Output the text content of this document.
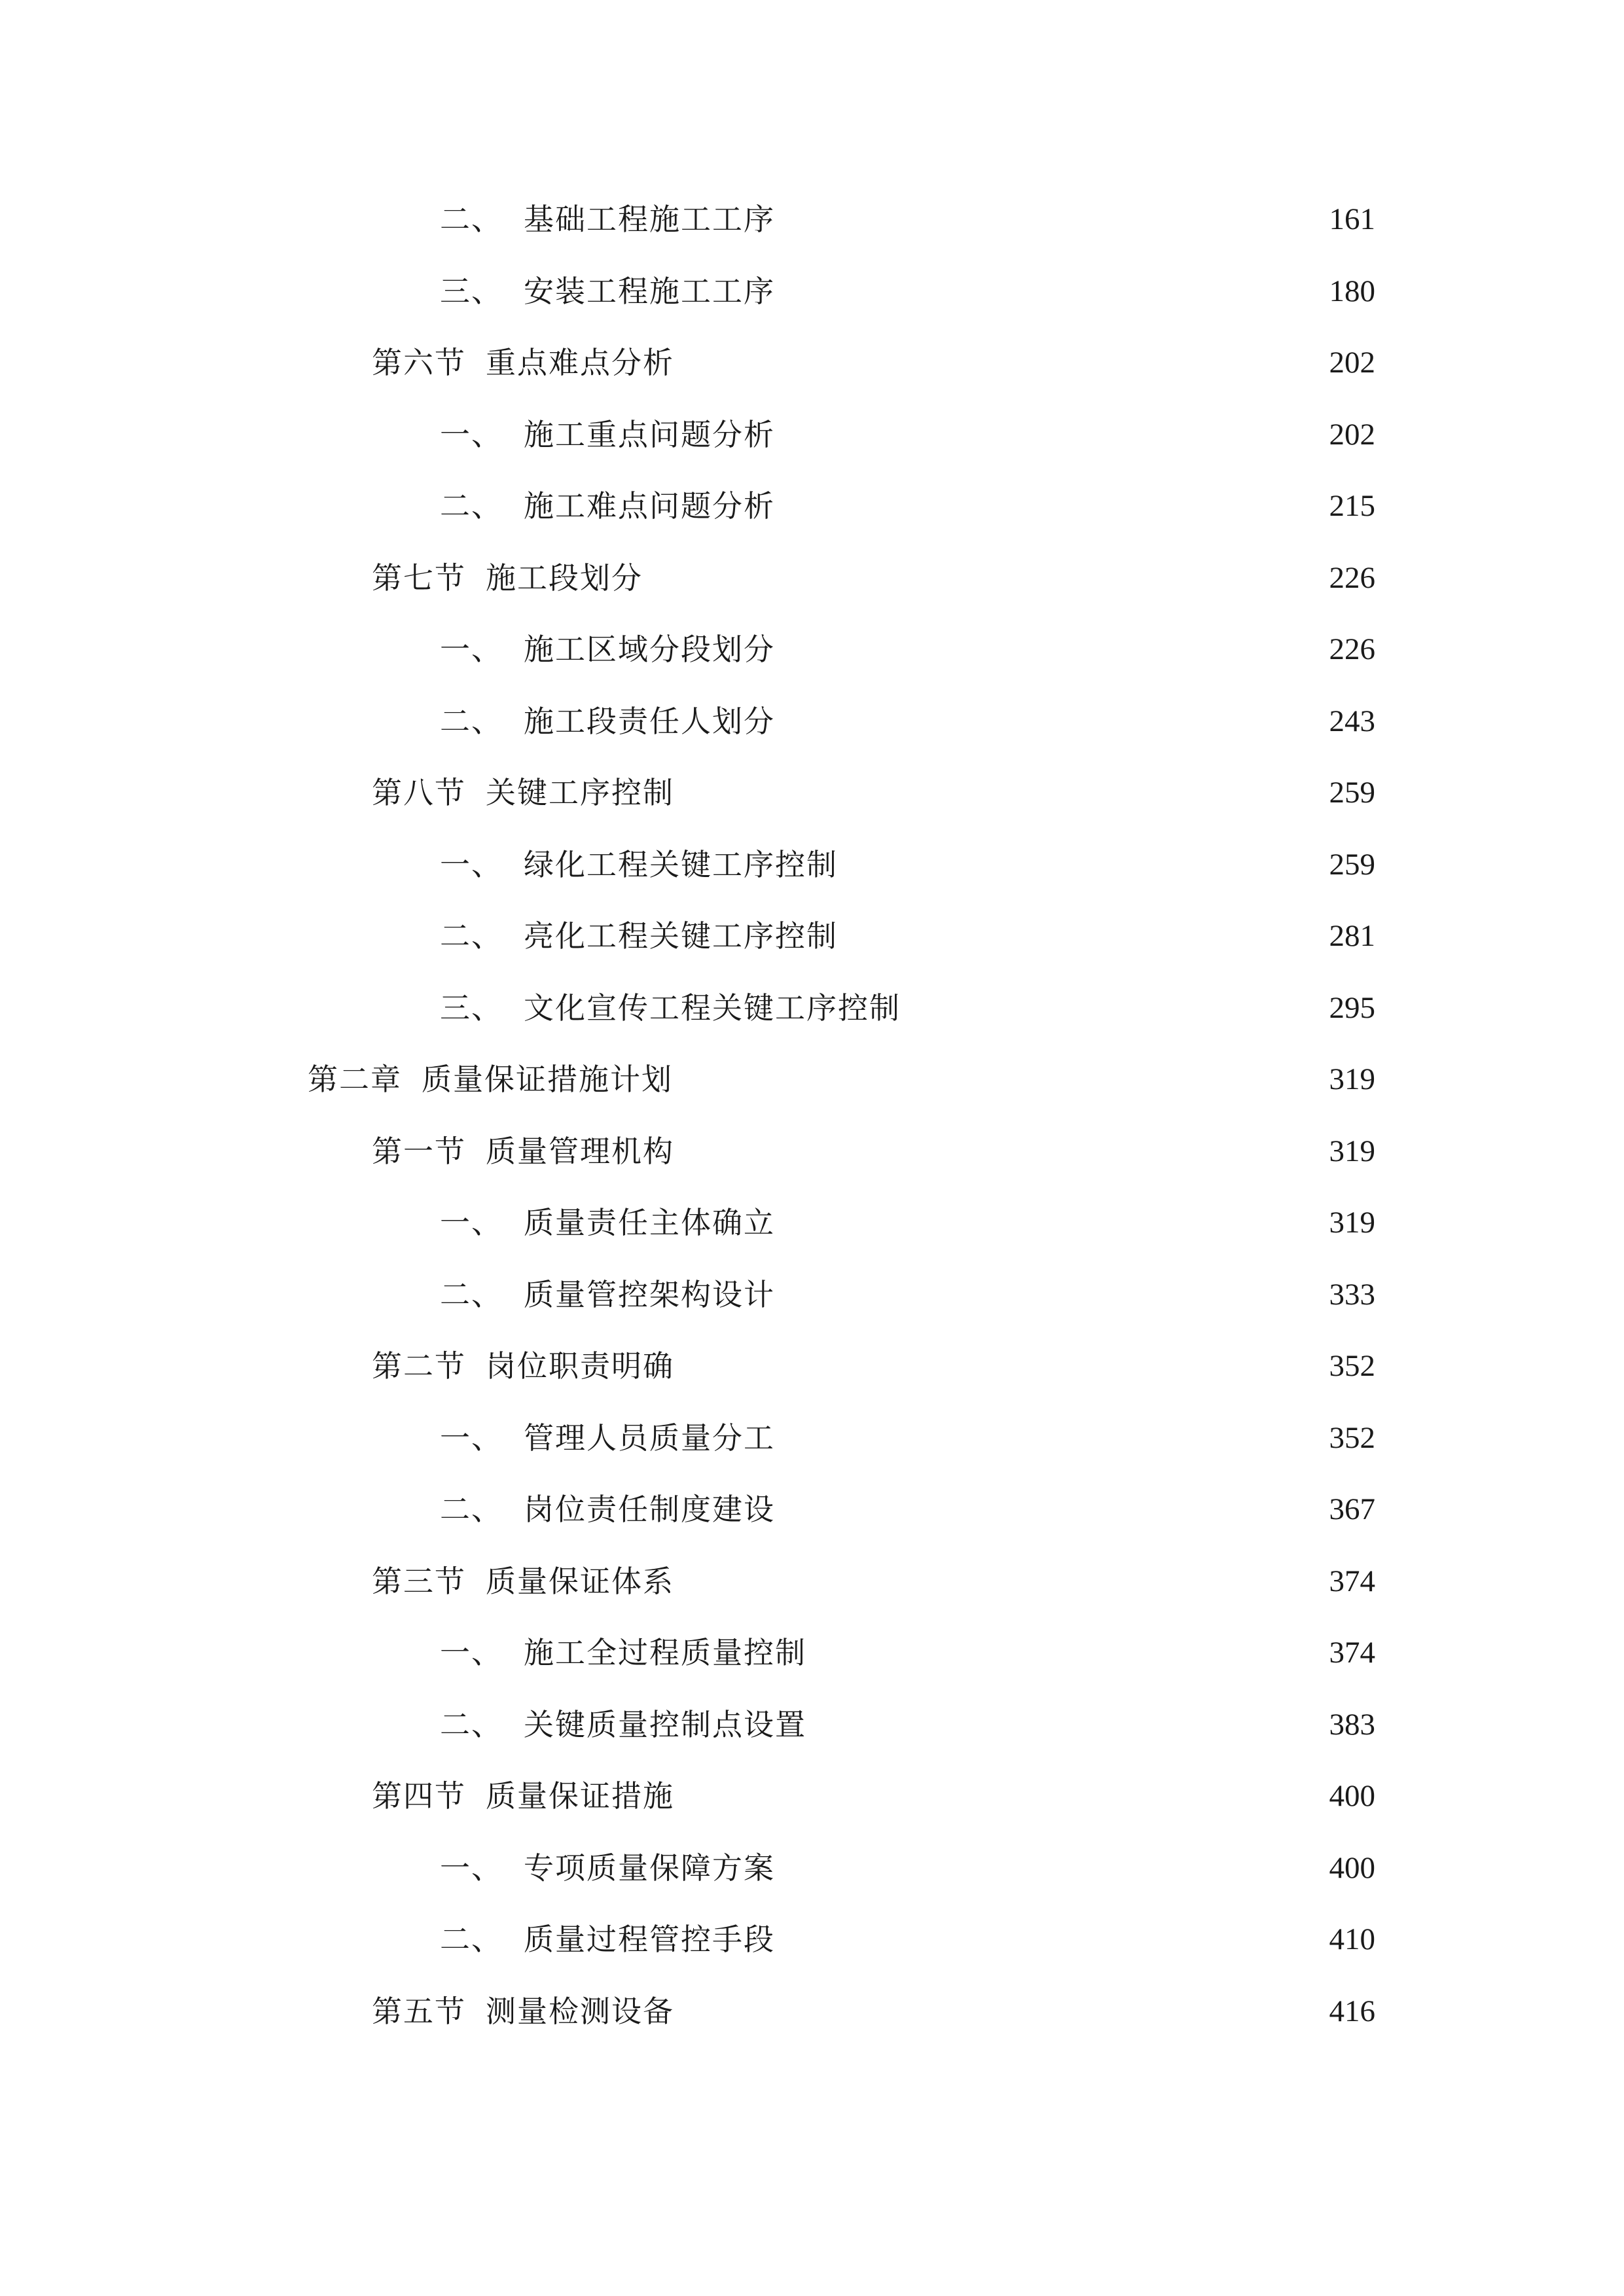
二、 基础工程施工工序	161
三、 安装工程施工工序	180
第六节 重点难点分析	202
一、 施工重点问题分析	202
二、 施工难点问题分析	215
第七节 施工段划分	226
一、 施工区域分段划分	226
二、 施工段责任人划分	243
第八节 关键工序控制	259
一、 绿化工程关键工序控制	259
二、 亮化工程关键工序控制	281
三、 文化宣传工程关键工序控制	295
第二章 质量保证措施计划	319
第一节 质量管理机构	319
一、 质量责任主体确立	319
二、 质量管控架构设计	333
第二节 岗位职责明确	352
一、 管理人员质量分工	352
二、 岗位责任制度建设	367
第三节 质量保证体系	374
一、 施工全过程质量控制	374
二、 关键质量控制点设置	383
第四节 质量保证措施	400
一、 专项质量保障方案	400
二、 质量过程管控手段	410
第五节 测量检测设备	416
